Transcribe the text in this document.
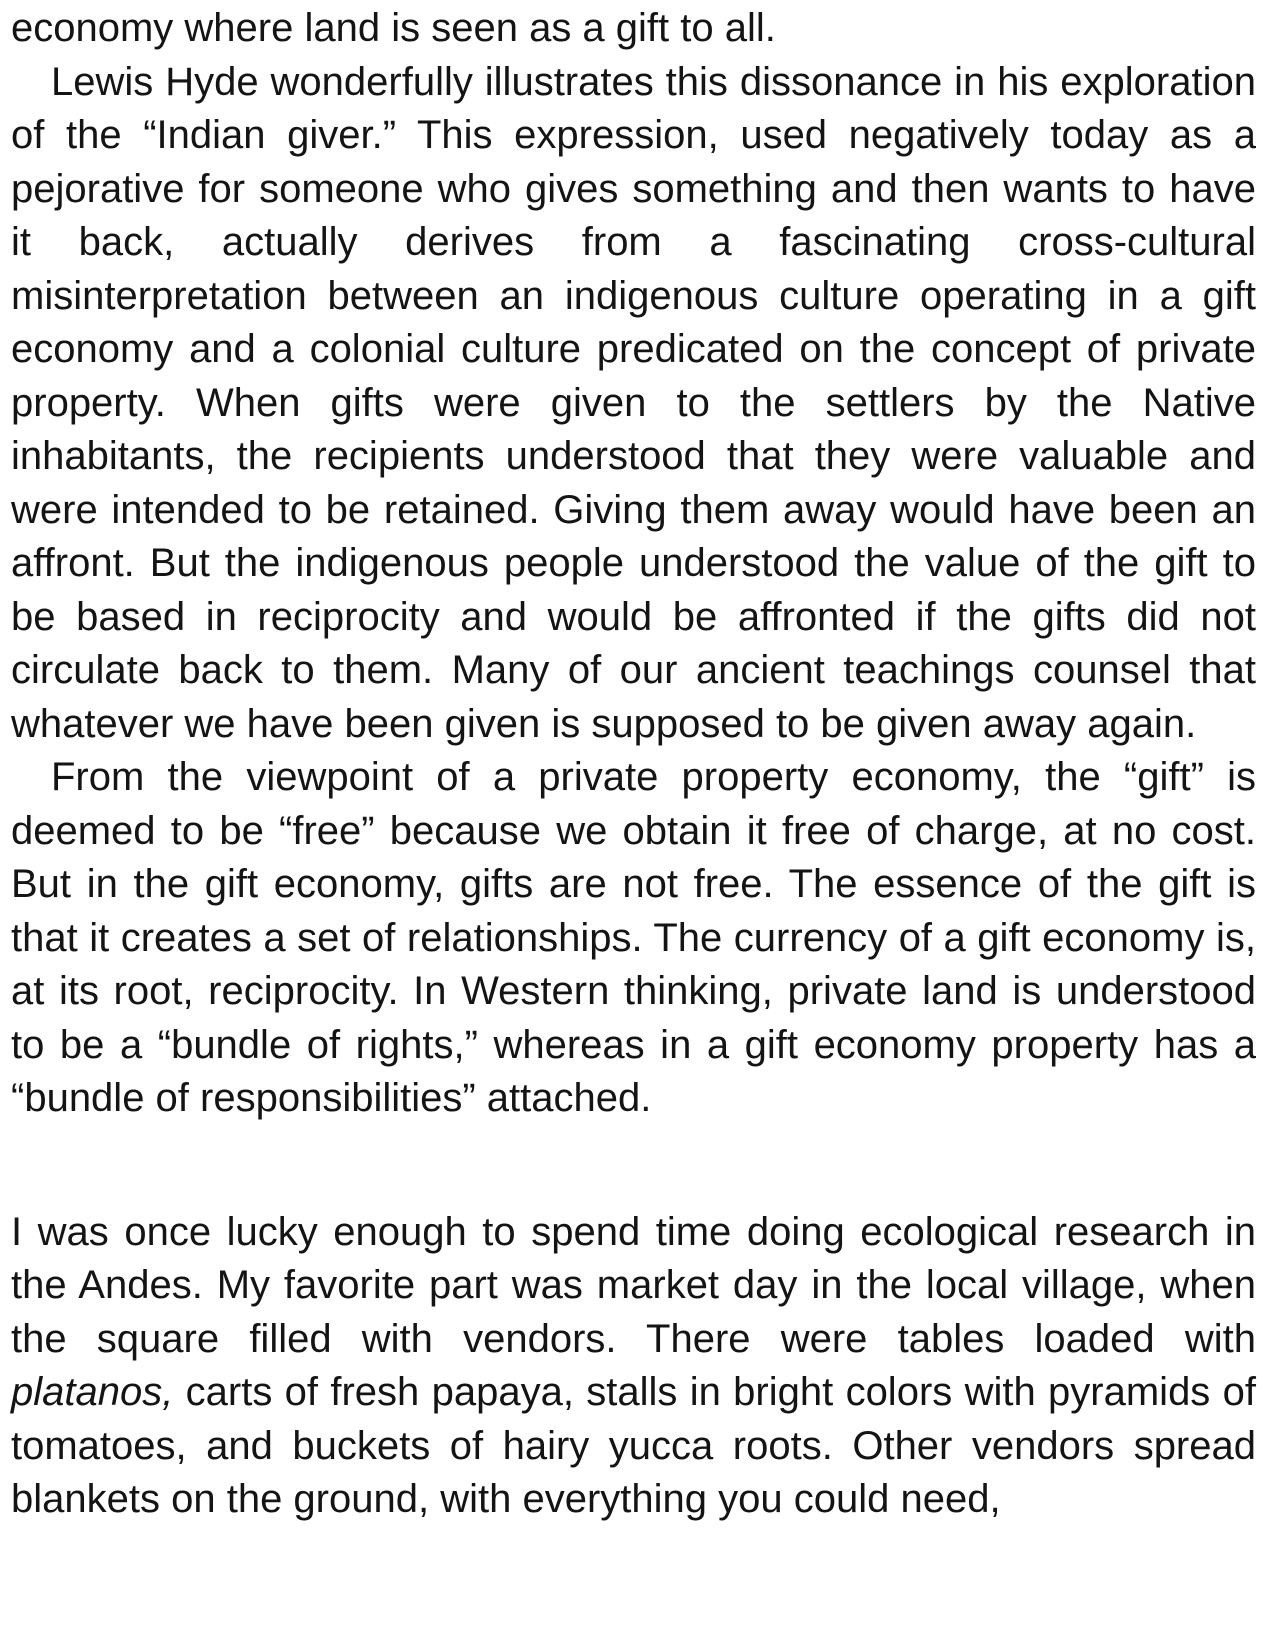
economy where land is seen as a gift to all.

Lewis Hyde wonderfully illustrates this dissonance in his exploration of the “Indian giver.” This expression, used negatively today as a pejorative for someone who gives something and then wants to have it back, actually derives from a fascinating cross-cultural misinterpretation between an indigenous culture operating in a gift economy and a colonial culture predicated on the concept of private property. When gifts were given to the settlers by the Native inhabitants, the recipients understood that they were valuable and were intended to be retained. Giving them away would have been an affront. But the indigenous people understood the value of the gift to be based in reciprocity and would be affronted if the gifts did not circulate back to them. Many of our ancient teachings counsel that whatever we have been given is supposed to be given away again.

From the viewpoint of a private property economy, the “gift” is deemed to be “free” because we obtain it free of charge, at no cost. But in the gift economy, gifts are not free. The essence of the gift is that it creates a set of relationships. The currency of a gift economy is, at its root, reciprocity. In Western thinking, private land is understood to be a “bundle of rights,” whereas in a gift economy property has a “bundle of responsibilities” attached.

I was once lucky enough to spend time doing ecological research in the Andes. My favorite part was market day in the local village, when the square filled with vendors. There were tables loaded with platanos, carts of fresh papaya, stalls in bright colors with pyramids of tomatoes, and buckets of hairy yucca roots. Other vendors spread blankets on the ground, with everything you could need,
